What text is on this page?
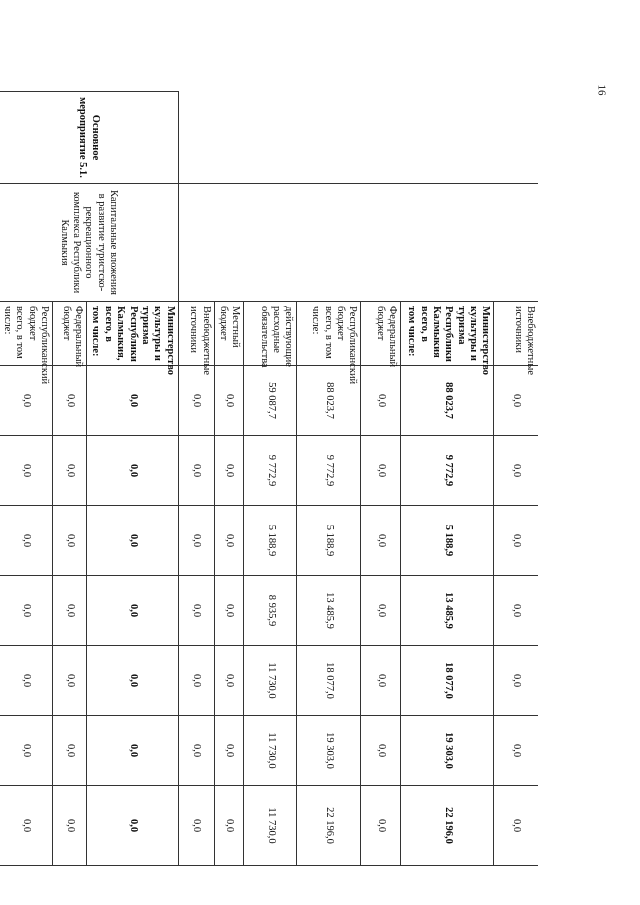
16
		Внебюджетные источники	0,0	0,0	0,0	0,0	0,0	0,0	0,0
		Министерство культуры и туризма Республики Калмыкия всего, в том числе:	88 023,7	9 772,9	5 188,9	13 485,9	18 077,0	19 303,0	22 196,0
		Федеральный бюджет	0,0	0,0	0,0	0,0	0,0	0,0	0,0
		Республиканский бюджет всего, в том числе:	88 023,7	9 772,9	5 188,9	13 485,9	18 077,0	19 303,0	22 196,0
		действующие расходные обязательства	59 087,7	9 772,9	5 188,9	8 935,9	11 730,0	11 730,0	11 730,0
		Местный бюджет	0,0	0,0	0,0	0,0	0,0	0,0	0,0
		Внебюджетные источники	0,0	0,0	0,0	0,0	0,0	0,0	0,0
Основное мероприятие 5.1.	Капитальные вложения в развитие туристско-рекреационного комплекса Республики Калмыкия	Министерство культуры и туризма Республики Калмыкия, всего, в том числе:	0,0	0,0	0,0	0,0	0,0	0,0	0,0
		Федеральный бюджет	0,0	0,0	0,0	0,0	0,0	0,0	0,0
		Республиканский бюджет всего, в том числе:	0,0	0,0	0,0	0,0	0,0	0,0	0,0
